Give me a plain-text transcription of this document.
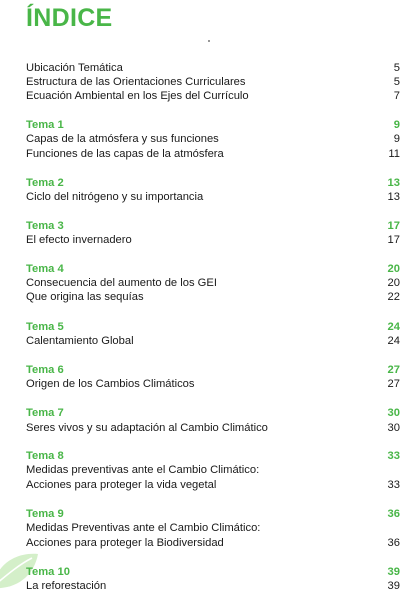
ÍNDICE
Ubicación Temática	5
Estructura de las Orientaciones Curriculares	5
Ecuación Ambiental en los Ejes del Currículo	7
Tema 1	9
Capas de la atmósfera y sus funciones	9
Funciones de las capas de la atmósfera	11
Tema 2	13
Ciclo del nitrógeno y su importancia	13
Tema 3	17
El efecto invernadero	17
Tema 4	20
Consecuencia del aumento de los GEI	20
Que origina las sequías	22
Tema 5	24
Calentamiento Global	24
Tema 6	27
Origen de los Cambios Climáticos	27
Tema 7	30
Seres vivos y su adaptación al Cambio Climático	30
Tema 8	33
Medidas preventivas ante el Cambio Climático:
Acciones para proteger la vida vegetal	33
Tema 9	36
Medidas Preventivas ante el Cambio Climático:
Acciones para proteger la Biodiversidad	36
Tema 10	39
La reforestación	39
